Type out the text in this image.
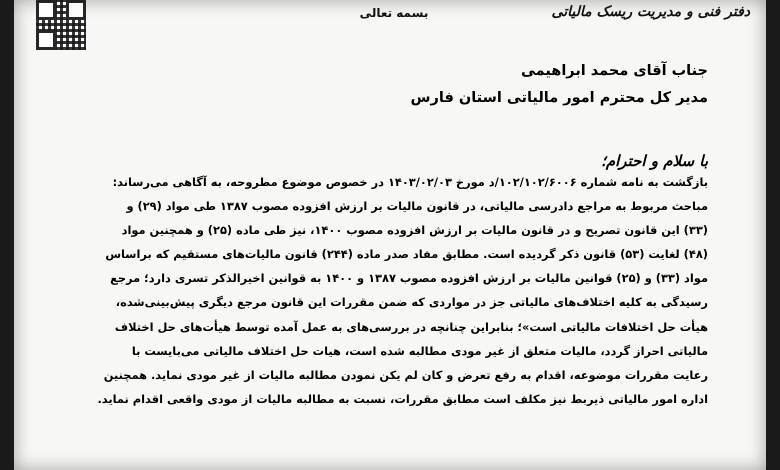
دفتر فنی و مدیریت ریسک مالیاتی
بسمه تعالی
جناب آقای محمد ابراهیمی
مدیر کل محترم امور مالیاتی استان فارس
با سلام و احترام؛

بازگشت به نامه شماره ۱۰۲/۱۰۲/۶۰۰۶/د مورخ ۱۴۰۳/۰۲/۰۳ در خصوص موضوع مطروحه، به آگاهی می‌رساند:

مباحث مربوط به مراجع دادرسی مالیاتی، در قانون مالیات بر ارزش افزوده مصوب ۱۳۸۷ طی مواد (۲۹) و

(۳۳) این قانون تصریح و در قانون مالیات بر ارزش افزوده مصوب ۱۴۰۰، نیز طی ماده (۲۵) و همچنین مواد

(۴۸) لغایت (۵۳) قانون ذکر گردیده است. مطابق مفاد صدر ماده (۲۴۴) قانون مالیات‌های مستقیم که براساس

مواد (۳۳) و (۲۵) قوانین مالیات بر ارزش افزوده مصوب ۱۳۸۷ و ۱۴۰۰ به قوانین اخیرالذکر تسری دارد؛ مرجع

رسیدگی به کلیه اختلاف‌های مالیاتی جز در مواردی که ضمن مقررات این قانون مرجع دیگری پیش‌بینی‌شده،

هیأت حل اختلافات مالیاتی است»؛ بنابراین چنانچه در بررسی‌های به عمل آمده توسط هیأت‌های حل اختلاف

مالیاتی احراز گردد، مالیات متعلق از غیر مودی مطالبه شده است، هیات حل اختلاف مالیاتی می‌بایست با

رعایت مقررات موضوعه، اقدام به رفع تعرض و کان لم یکن نمودن مطالبه مالیات از غیر مودی نماید. همچنین

اداره امور مالیاتی ذیربط نیز مکلف است مطابق مقررات، نسبت به مطالبه مالیات از مودی واقعی اقدام نماید.
